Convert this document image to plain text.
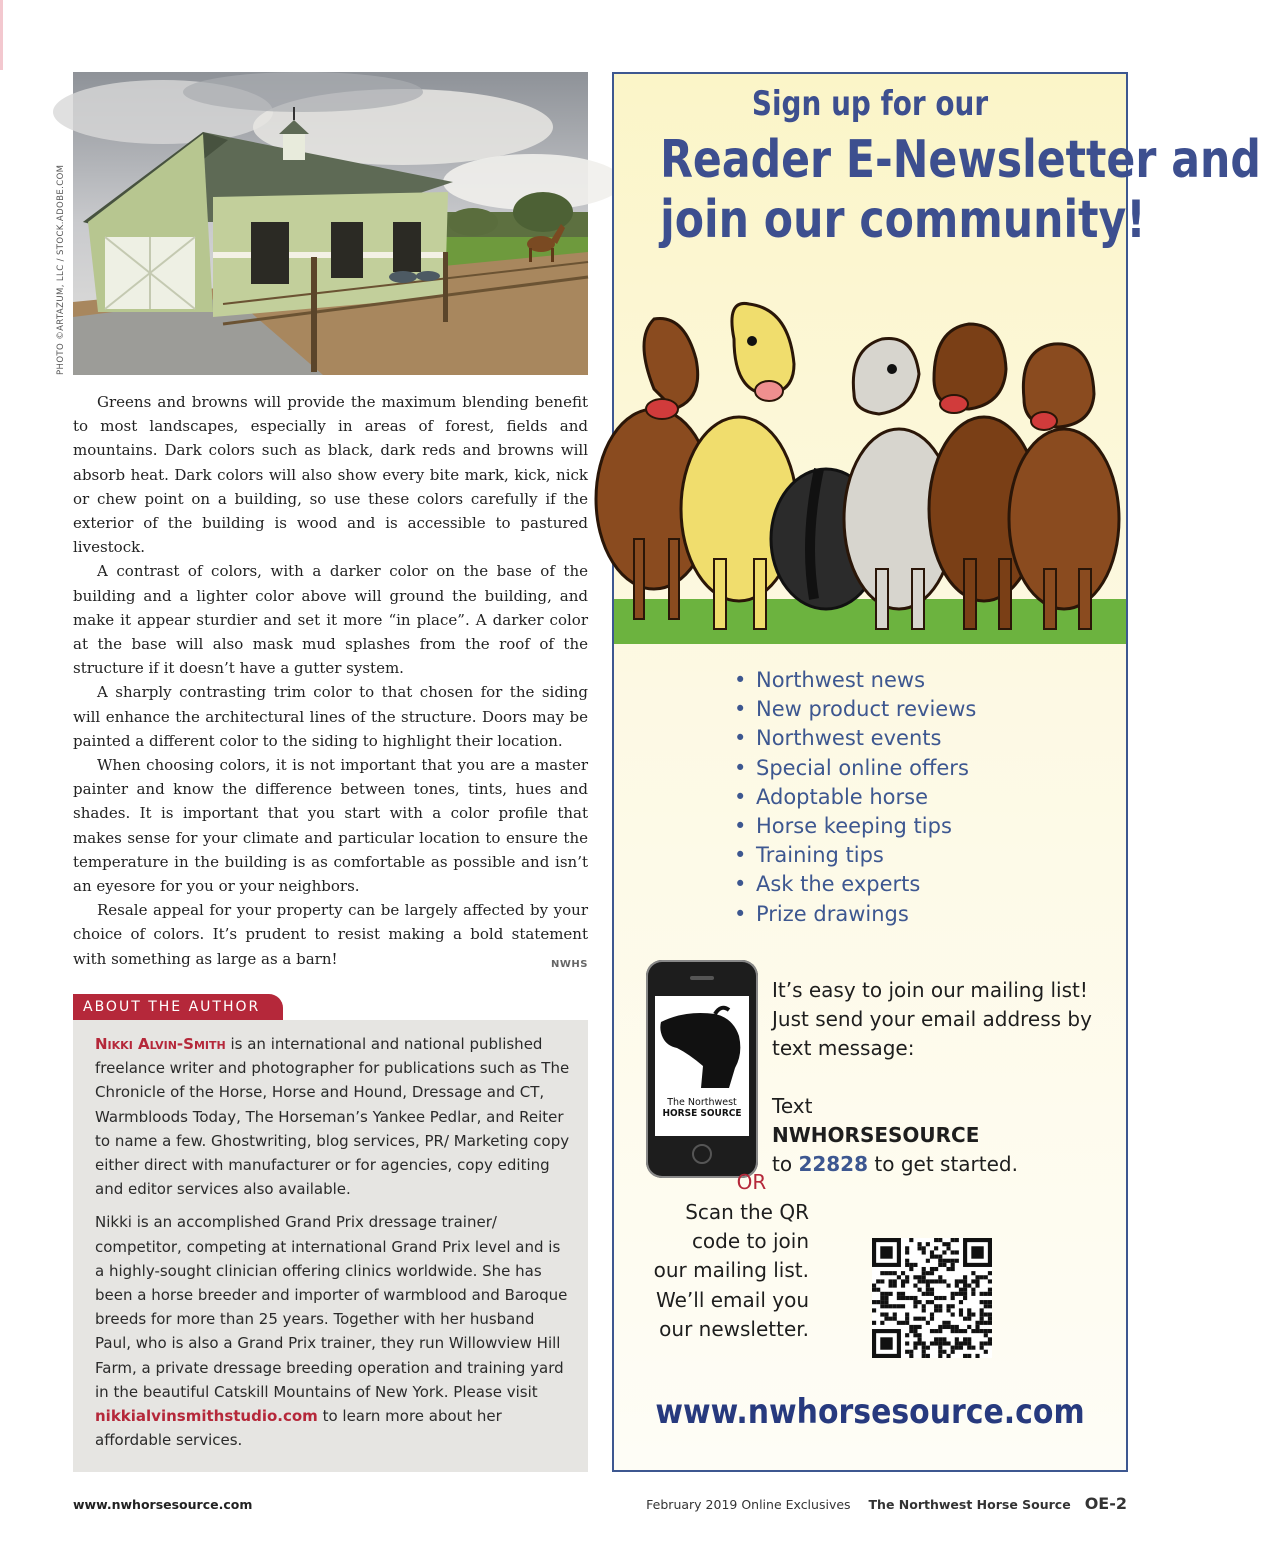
PHOTO ©ARTAZUM, LLC / STOCK.ADOBE.COM

Greens and browns will provide the maximum blending benefit to most landscapes, especially in areas of forest, fields and mountains. Dark colors such as black, dark reds and browns will absorb heat. Dark colors will also show every bite mark, kick, nick or chew point on a building, so use these colors carefully if the exterior of the building is wood and is accessible to pastured livestock.

A contrast of colors, with a darker color on the base of the building and a lighter color above will ground the building, and make it appear sturdier and set it more “in place”. A darker color at the base will also mask mud splashes from the roof of the structure if it doesn’t have a gutter system.

A sharply contrasting trim color to that chosen for the siding will enhance the architectural lines of the structure. Doors may be painted a different color to the siding to highlight their location.

When choosing colors, it is not important that you are a master painter and know the difference between tones, tints, hues and shades. It is important that you start with a color profile that makes sense for your climate and particular location to ensure the temperature in the building is as comfortable as possible and isn’t an eyesore for you or your neighbors.

Resale appeal for your property can be largely affected by your choice of colors. It’s prudent to resist making a bold statement with something as large as a barn!	NWHS

ABOUT THE AUTHOR

Nikki Alvin-Smith is an international and national published freelance writer and photographer for publications such as The Chronicle of the Horse, Horse and Hound, Dressage and CT, Warmbloods Today, The Horseman’s Yankee Pedlar, and Reiter to name a few. Ghostwriting, blog services, PR/ Marketing copy either direct with manufacturer or for agencies, copy editing and editor services also available.

Nikki is an accomplished Grand Prix dressage trainer/ competitor, competing at international Grand Prix level and is a highly-sought clinician offering clinics worldwide. She has been a horse breeder and importer of warmblood and Baroque breeds for more than 25 years. Together with her husband Paul, who is also a Grand Prix trainer, they run Willowview Hill Farm, a private dressage breeding operation and training yard in the beautiful Catskill Mountains of New York. Please visit nikkialvinsmithstudio.com to learn more about her affordable services.

Sign up for our
Reader E-Newsletter and
join our community!
• Northwest news
• New product reviews
• Northwest events
• Special online offers
• Adoptable horse
• Horse keeping tips
• Training tips
• Ask the experts
• Prize drawings
The Northwest
HORSE SOURCE
It’s easy to join our mailing list! Just send your email address by text message:
Text
NWHORSESOURCE
to 22828 to get started.
OR
Scan the QR
code to join
our mailing list.
We’ll email you
our newsletter.
www.nwhorsesource.com
www.nwhorsesource.com	February 2019 Online Exclusives The Northwest Horse Source OE-2
